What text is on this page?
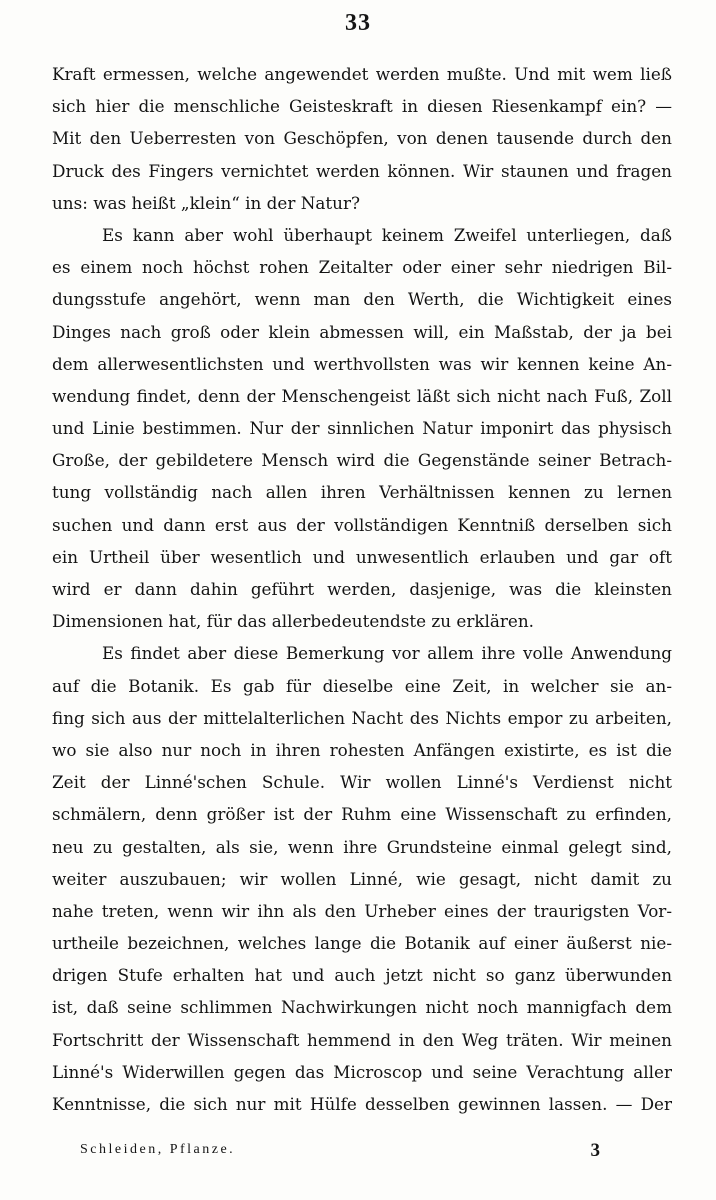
33
Kraft ermessen, welche angewendet werden mußte. Und mit wem ließ
sich hier die menschliche Geisteskraft in diesen Riesenkampf ein? —
Mit den Ueberresten von Geschöpfen, von denen tausende durch den
Druck des Fingers vernichtet werden können. Wir staunen und fragen
uns: was heißt „klein“ in der Natur?
Es kann aber wohl überhaupt keinem Zweifel unterliegen, daß
es einem noch höchst rohen Zeitalter oder einer sehr niedrigen Bil-
dungsstufe angehört, wenn man den Werth, die Wichtigkeit eines
Dinges nach groß oder klein abmessen will, ein Maßstab, der ja bei
dem allerwesentlichsten und werthvollsten was wir kennen keine An-
wendung findet, denn der Menschengeist läßt sich nicht nach Fuß, Zoll
und Linie bestimmen. Nur der sinnlichen Natur imponirt das physisch
Große, der gebildetere Mensch wird die Gegenstände seiner Betrach-
tung vollständig nach allen ihren Verhältnissen kennen zu lernen
suchen und dann erst aus der vollständigen Kenntniß derselben sich
ein Urtheil über wesentlich und unwesentlich erlauben und gar oft
wird er dann dahin geführt werden, dasjenige, was die kleinsten
Dimensionen hat, für das allerbedeutendste zu erklären.
Es findet aber diese Bemerkung vor allem ihre volle Anwendung
auf die Botanik. Es gab für dieselbe eine Zeit, in welcher sie an-
fing sich aus der mittelalterlichen Nacht des Nichts empor zu arbeiten,
wo sie also nur noch in ihren rohesten Anfängen existirte, es ist die
Zeit der Linné'schen Schule. Wir wollen Linné's Verdienst nicht
schmälern, denn größer ist der Ruhm eine Wissenschaft zu erfinden,
neu zu gestalten, als sie, wenn ihre Grundsteine einmal gelegt sind,
weiter auszubauen; wir wollen Linné, wie gesagt, nicht damit zu
nahe treten, wenn wir ihn als den Urheber eines der traurigsten Vor-
urtheile bezeichnen, welches lange die Botanik auf einer äußerst nie-
drigen Stufe erhalten hat und auch jetzt nicht so ganz überwunden
ist, daß seine schlimmen Nachwirkungen nicht noch mannigfach dem
Fortschritt der Wissenschaft hemmend in den Weg träten. Wir meinen
Linné's Widerwillen gegen das Microscop und seine Verachtung aller
Kenntnisse, die sich nur mit Hülfe desselben gewinnen lassen. — Der
Schleiden, Pflanze.	3
